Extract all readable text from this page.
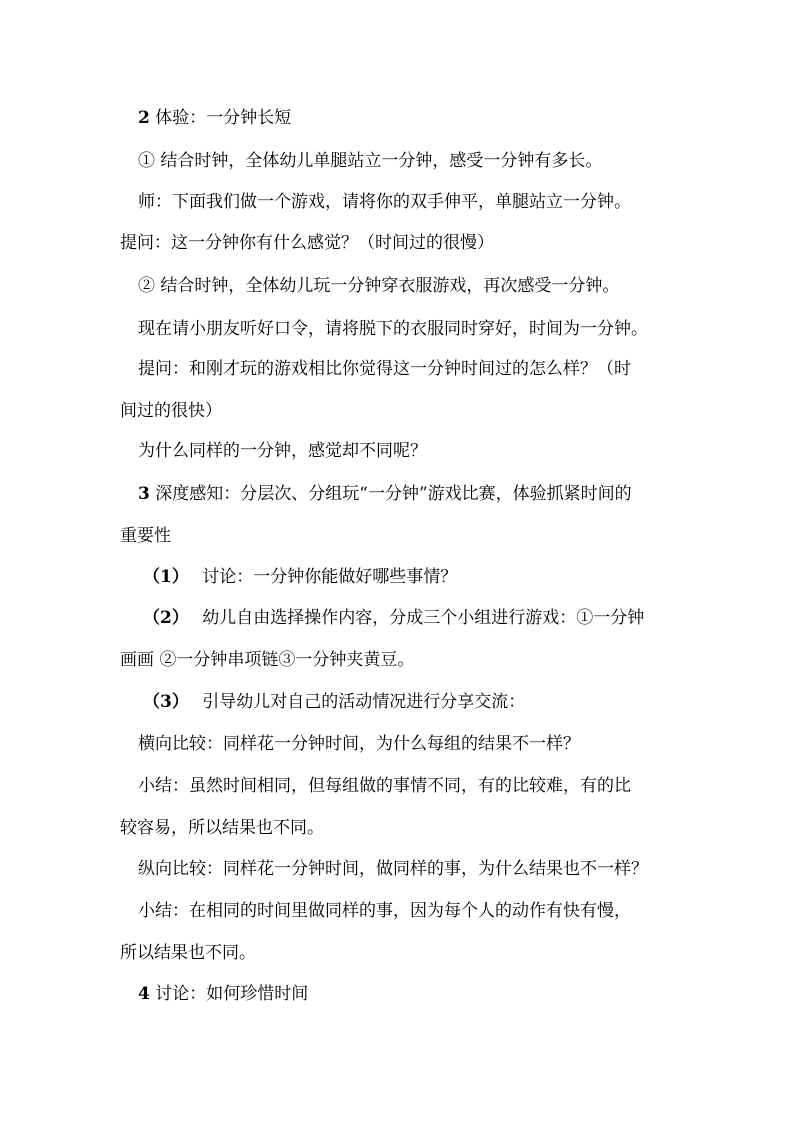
2 体验：一分钟长短
① 结合时钟，全体幼儿单腿站立一分钟，感受一分钟有多长。
师：下面我们做一个游戏，请将你的双手伸平，单腿站立一分钟。
提问：这一分钟你有什么感觉？（时间过的很慢）
② 结合时钟，全体幼儿玩一分钟穿衣服游戏，再次感受一分钟。
现在请小朋友听好口令，请将脱下的衣服同时穿好，时间为一分钟。
提问：和刚才玩的游戏相比你觉得这一分钟时间过的怎么样？（时
间过的很快）
为什么同样的一分钟，感觉却不同呢？
3 深度感知：分层次、分组玩“一分钟”游戏比赛，体验抓紧时间的
重要性
（1） 讨论：一分钟你能做好哪些事情？
（2） 幼儿自由选择操作内容，分成三个小组进行游戏：①一分钟
画画 ②一分钟串项链③一分钟夹黄豆。
（3） 引导幼儿对自己的活动情况进行分享交流：
横向比较：同样花一分钟时间，为什么每组的结果不一样？
小结：虽然时间相同，但每组做的事情不同，有的比较难，有的比
较容易，所以结果也不同。
纵向比较：同样花一分钟时间，做同样的事，为什么结果也不一样？
小结：在相同的时间里做同样的事，因为每个人的动作有快有慢，
所以结果也不同。
4 讨论：如何珍惜时间
